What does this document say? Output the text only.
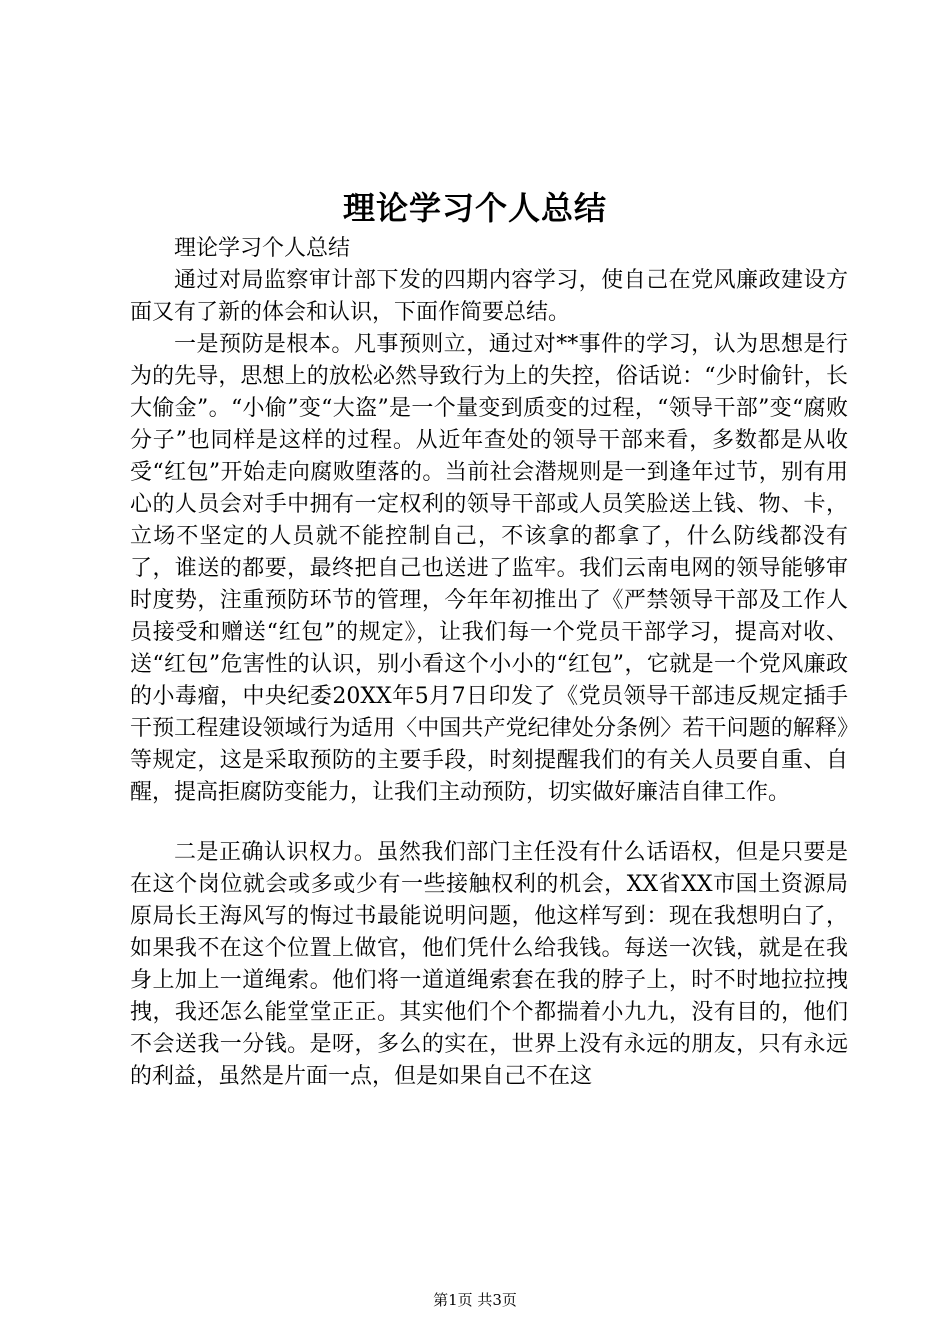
理论学习个人总结

理论学习个人总结

通过对局监察审计部下发的四期内容学习，使自己在党风廉政建设方面又有了新的体会和认识，下面作简要总结。

一是预防是根本。凡事预则立，通过对**事件的学习，认为思想是行为的先导，思想上的放松必然导致行为上的失控，俗话说：“少时偷针，长大偷金”。“小偷”变“大盗”是一个量变到质变的过程，“领导干部”变“腐败分子”也同样是这样的过程。从近年查处的领导干部来看，多数都是从收受“红包”开始走向腐败堕落的。当前社会潜规则是一到逢年过节，别有用心的人员会对手中拥有一定权利的领导干部或人员笑脸送上钱、物、卡，立场不坚定的人员就不能控制自己，不该拿的都拿了，什么防线都没有了，谁送的都要，最终把自己也送进了监牢。我们云南电网的领导能够审时度势，注重预防环节的管理，今年年初推出了《严禁领导干部及工作人员接受和赠送“红包”的规定》，让我们每一个党员干部学习，提高对收、送“红包”危害性的认识，别小看这个小小的“红包”，它就是一个党风廉政的小毒瘤，中央纪委20XX年5月7日印发了《党员领导干部违反规定插手干预工程建设领域行为适用〈中国共产党纪律处分条例〉若干问题的解释》等规定，这是采取预防的主要手段，时刻提醒我们的有关人员要自重、自醒，提高拒腐防变能力，让我们主动预防，切实做好廉洁自律工作。

二是正确认识权力。虽然我们部门主任没有什么话语权，但是只要是在这个岗位就会或多或少有一些接触权利的机会，XX省XX市国土资源局原局长王海风写的悔过书最能说明问题，他这样写到：现在我想明白了，如果我不在这个位置上做官，他们凭什么给我钱。每送一次钱，就是在我身上加上一道绳索。他们将一道道绳索套在我的脖子上，时不时地拉拉拽拽，我还怎么能堂堂正正。其实他们个个都揣着小九九，没有目的，他们不会送我一分钱。是呀，多么的实在，世界上没有永远的朋友，只有永远的利益，虽然是片面一点，但是如果自己不在这

第1页 共3页
